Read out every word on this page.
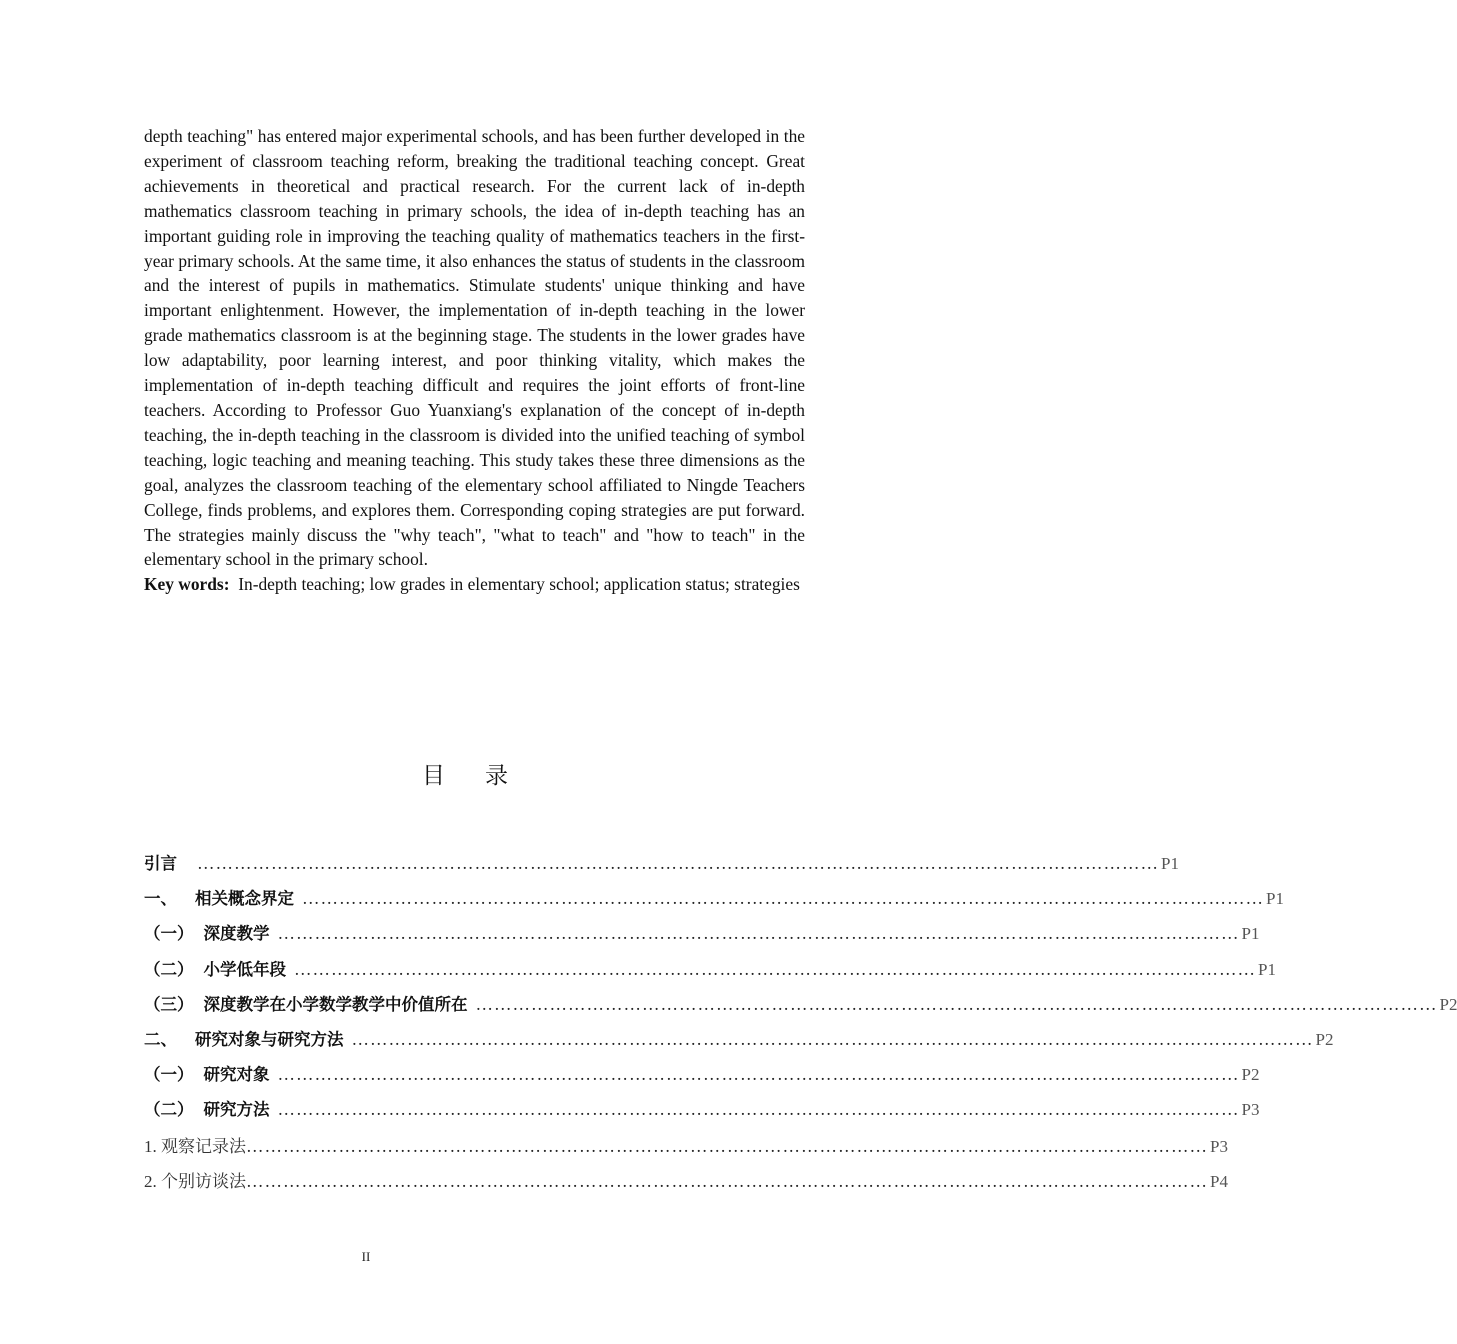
depth teaching" has entered major experimental schools, and has been further developed in the experiment of classroom teaching reform, breaking the traditional teaching concept. Great achievements in theoretical and practical research. For the current lack of in-depth mathematics classroom teaching in primary schools, the idea of in-depth teaching has an important guiding role in improving the teaching quality of mathematics teachers in the first-year primary schools. At the same time, it also enhances the status of students in the classroom and the interest of pupils in mathematics. Stimulate students' unique thinking and have important enlightenment. However, the implementation of in-depth teaching in the lower grade mathematics classroom is at the beginning stage. The students in the lower grades have low adaptability, poor learning interest, and poor thinking vitality, which makes the implementation of in-depth teaching difficult and requires the joint efforts of front-line teachers. According to Professor Guo Yuanxiang's explanation of the concept of in-depth teaching, the in-depth teaching in the classroom is divided into the unified teaching of symbol teaching, logic teaching and meaning teaching. This study takes these three dimensions as the goal, analyzes the classroom teaching of the elementary school affiliated to Ningde Teachers College, finds problems, and explores them. Corresponding coping strategies are put forward. The strategies mainly discuss the "why teach", "what to teach" and "how to teach" in the elementary school in the primary school.

Key words: In-depth teaching; low grades in elementary school; application status; strategies

目录
引言 ………………………………………………………………………………………………………………………………………… P1
一、 相关概念界定 ………………………………………………………………………………………………………………………………………… P1
（一） 深度教学 ………………………………………………………………………………………………………………………………………… P1
（二） 小学低年段 ………………………………………………………………………………………………………………………………………… P1
（三） 深度教学在小学数学教学中价值所在 ………………………………………………………………………………………………………………………………………… P2
二、 研究对象与研究方法 ………………………………………………………………………………………………………………………………………… P2
（一） 研究对象 ………………………………………………………………………………………………………………………………………… P2
（二） 研究方法 ………………………………………………………………………………………………………………………………………… P3
1. 观察记录法 ………………………………………………………………………………………………………………………………………… P3
2. 个别访谈法 ………………………………………………………………………………………………………………………………………… P4
II
